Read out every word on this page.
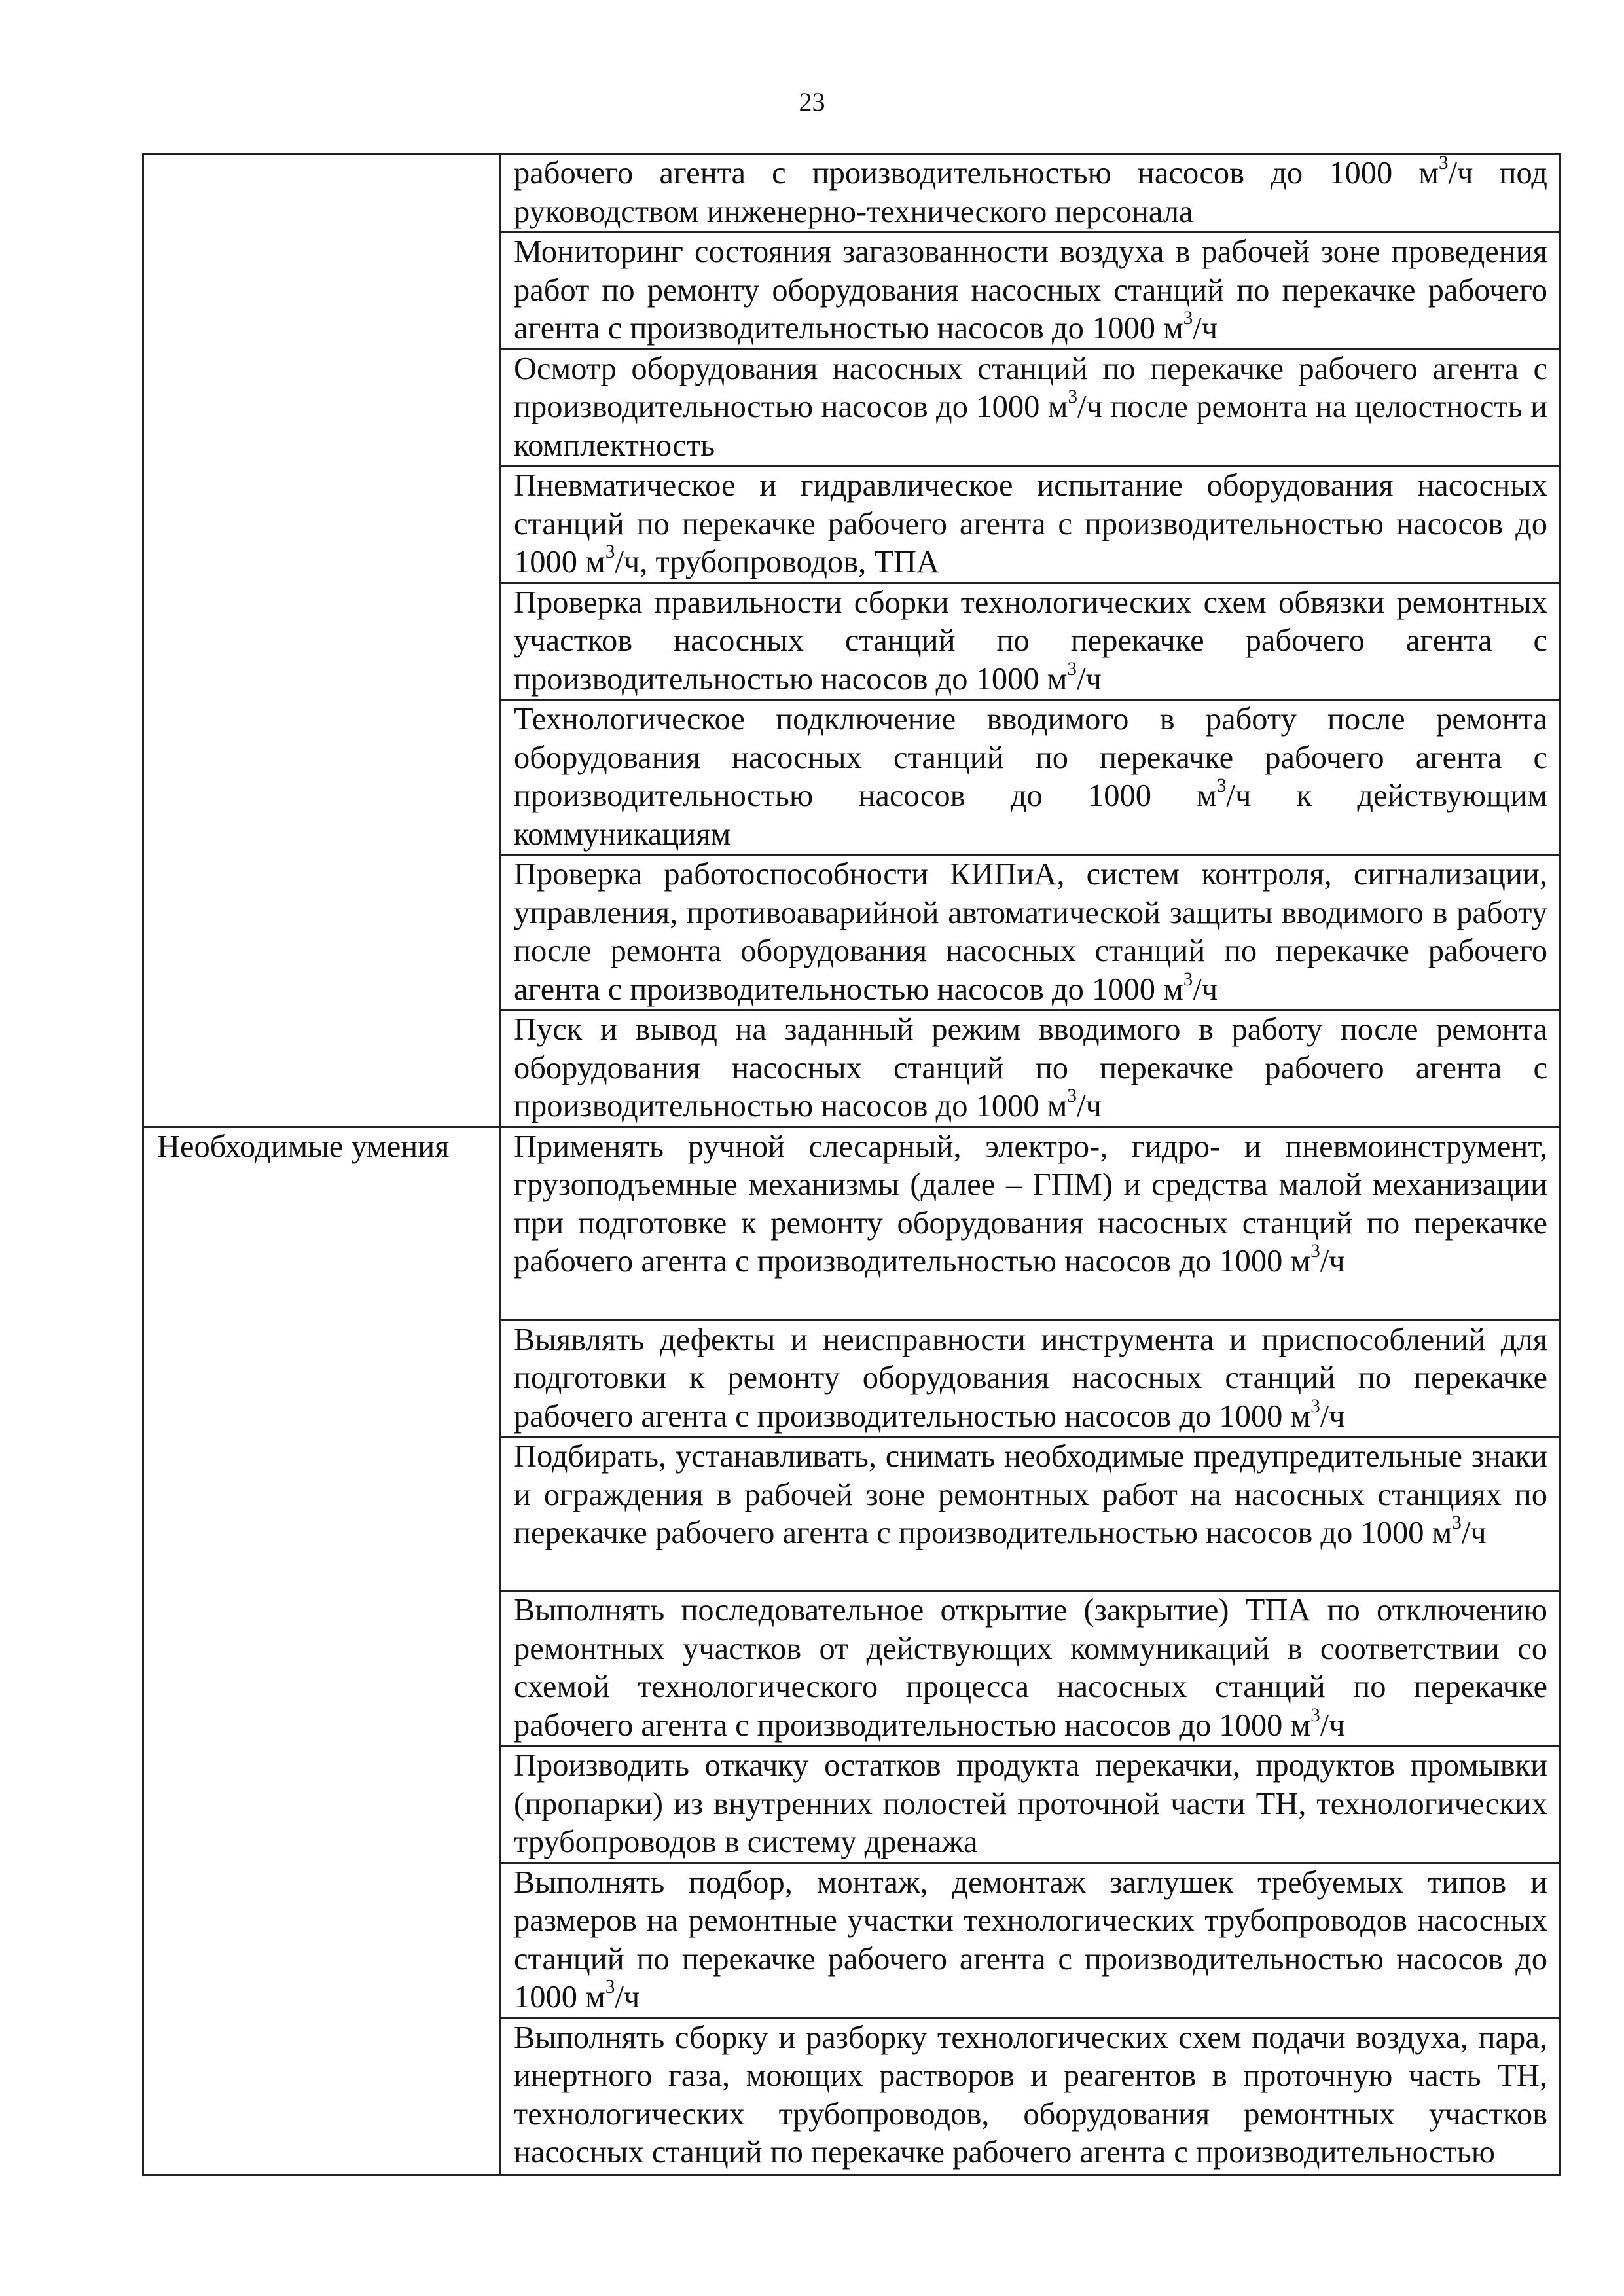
23
	рабочего агента с производительностью насосов до 1000 $м^3/ч$ под руководством инженерно-технического персонала
	Мониторинг состояния загазованности воздуха в рабочей зоне проведения работ по ремонту оборудования насосных станций по перекачке рабочего агента с производительностью насосов до 1000 $м^3/ч$
	Осмотр оборудования насосных станций по перекачке рабочего агента с производительностью насосов до 1000 $м^3/ч$ после ремонта на целостность и комплектность
	Пневматическое и гидравлическое испытание оборудования насосных станций по перекачке рабочего агента с производительностью насосов до 1000 $м^3/ч$, трубопроводов, ТПА
	Проверка правильности сборки технологических схем обвязки ремонтных участков насосных станций по перекачке рабочего агента с производительностью насосов до 1000 $м^3/ч$
	Технологическое подключение вводимого в работу после ремонта оборудования насосных станций по перекачке рабочего агента с производительностью насосов до 1000 $м^3/ч$ к действующим коммуникациям
	Проверка работоспособности КИПиА, систем контроля, сигнализации, управления, противоаварийной автоматической защиты вводимого в работу после ремонта оборудования насосных станций по перекачке рабочего агента с производительностью насосов до 1000 $м^3/ч$
	Пуск и вывод на заданный режим вводимого в работу после ремонта оборудования насосных станций по перекачке рабочего агента с производительностью насосов до 1000 $м^3/ч$
Необходимые умения	Применять ручной слесарный, электро-, гидро- и пневмоинструмент, грузоподъемные механизмы (далее – ГПМ) и средства малой механизации при подготовке к ремонту оборудования насосных станций по перекачке рабочего агента с производительностью насосов до 1000 $м^3/ч$
	Выявлять дефекты и неисправности инструмента и приспособлений для подготовки к ремонту оборудования насосных станций по перекачке рабочего агента с производительностью насосов до 1000 $м^3/ч$
	Подбирать, устанавливать, снимать необходимые предупредительные знаки и ограждения в рабочей зоне ремонтных работ на насосных станциях по перекачке рабочего агента с производительностью насосов до 1000 $м^3/ч$
	Выполнять последовательное открытие (закрытие) ТПА по отключению ремонтных участков от действующих коммуникаций в соответствии со схемой технологического процесса насосных станций по перекачке рабочего агента с производительностью насосов до 1000 $м^3/ч$
	Производить откачку остатков продукта перекачки, продуктов промывки (пропарки) из внутренних полостей проточной части ТН, технологических трубопроводов в систему дренажа
	Выполнять подбор, монтаж, демонтаж заглушек требуемых типов и размеров на ремонтные участки технологических трубопроводов насосных станций по перекачке рабочего агента с производительностью насосов до 1000 $м^3/ч$
	Выполнять сборку и разборку технологических схем подачи воздуха, пара, инертного газа, моющих растворов и реагентов в проточную часть ТН, технологических трубопроводов, оборудования ремонтных участков насосных станций по перекачке рабочего агента с производительностью
